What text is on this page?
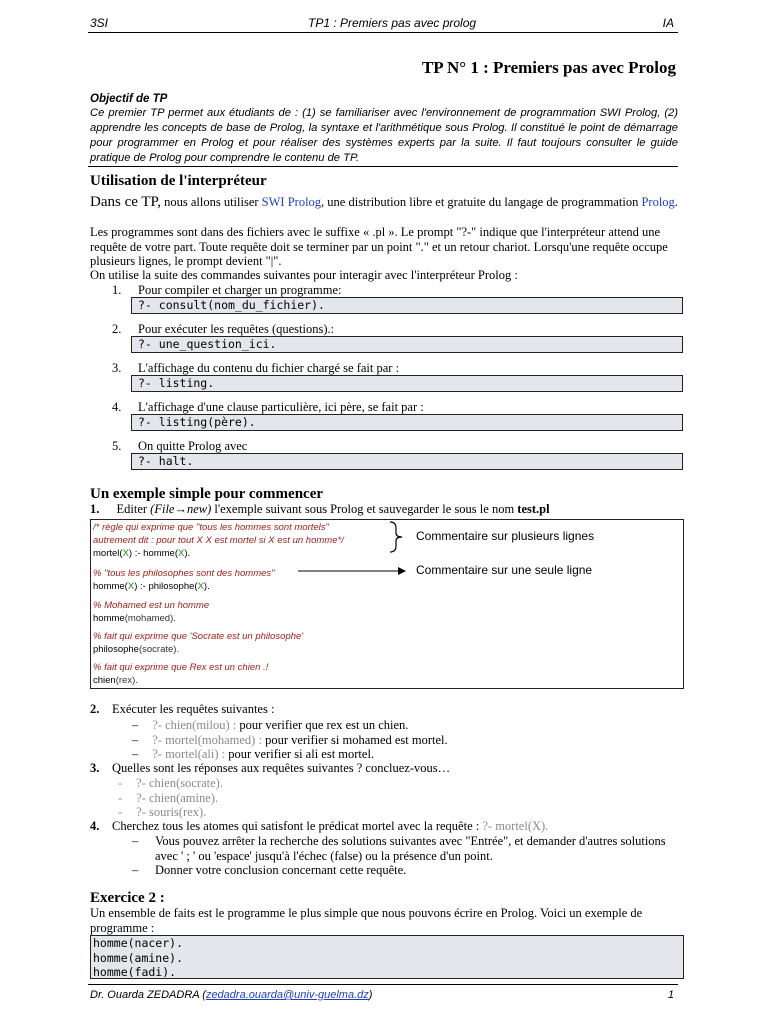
3SI	TP1 : Premiers pas avec prolog	IA
TP N° 1 : Premiers pas avec Prolog
Objectif de TP
Ce premier TP permet aux étudiants de : (1) se familiariser avec l'environnement de programmation SWI Prolog, (2) apprendre les concepts de base de Prolog, la syntaxe et l'arithmétique sous Prolog. Il constitué le point de démarrage pour programmer en Prolog et pour réaliser des systèmes experts par la suite. Il faut toujours consulter le guide pratique de Prolog pour comprendre le contenu de TP.
Utilisation de l'interpréteur
Dans ce TP, nous allons utiliser SWI Prolog, une distribution libre et gratuite du langage de programmation Prolog.
Les programmes sont dans des fichiers avec le suffixe « .pl ». Le prompt "?-" indique que l'interpréteur attend une requête de votre part. Toute requête doit se terminer par un point "." et un retour chariot. Lorsqu'une requête occupe plusieurs lignes, le prompt devient "|".
On utilise la suite des commandes suivantes pour interagir avec l'interpréteur Prolog :
1. Pour compiler et charger un programme:
?- consult(nom_du_fichier).
2. Pour exécuter les requêtes (questions).:
?- une_question_ici.
3. L'affichage du contenu du fichier chargé se fait par :
?- listing.
4. L'affichage d'une clause particulière, ici père, se fait par :
?- listing(père).
5. On quitte Prolog avec
?- halt.
Un exemple simple pour commencer
1. Editer (File→new) l'exemple suivant sous Prolog et sauvegarder le sous le nom test.pl
/* règle qui exprime que "tous les hommes sont mortels"
autrement dit : pour tout X X est mortel si X est un homme*/
mortel(X) :- homme(X).
% "tous les philosophes sont des hommes"
homme(X) :- philosophe(X).
% Mohamed est un homme
homme(mohamed).
% fait qui exprime que 'Socrate est un philosophe'
philosophe(socrate).
% fait qui exprime que Rex est un chien .!
chien(rex).
Commentaire sur plusieurs lignes
Commentaire sur une seule ligne
2. Exécuter les requêtes suivantes :
– ?- chien(milou) : pour verifier que rex est un chien.
– ?- mortel(mohamed) : pour verifier si mohamed est mortel.
– ?- mortel(ali) : pour verifier si ali est mortel.
3. Quelles sont les réponses aux requêtes suivantes ? concluez-vous…
- ?- chien(socrate).
- ?- chien(amine).
- ?- souris(rex).
4. Cherchez tous les atomes qui satisfont le prédicat mortel avec la requête : ?- mortel(X).
– Vous pouvez arrêter la recherche des solutions suivantes avec "Entrée", et demander d'autres solutions avec ' ; ' ou 'espace' jusqu'à l'échec (false) ou la présence d'un point.
– Donner votre conclusion concernant cette requête.
Exercice 2 :
Un ensemble de faits est le programme le plus simple que nous pouvons écrire en Prolog. Voici un exemple de programme :
homme(nacer).
homme(amine).
homme(fadi).
Dr. Ouarda ZEDADRA (zedadra.ouarda@univ-guelma.dz)	1
